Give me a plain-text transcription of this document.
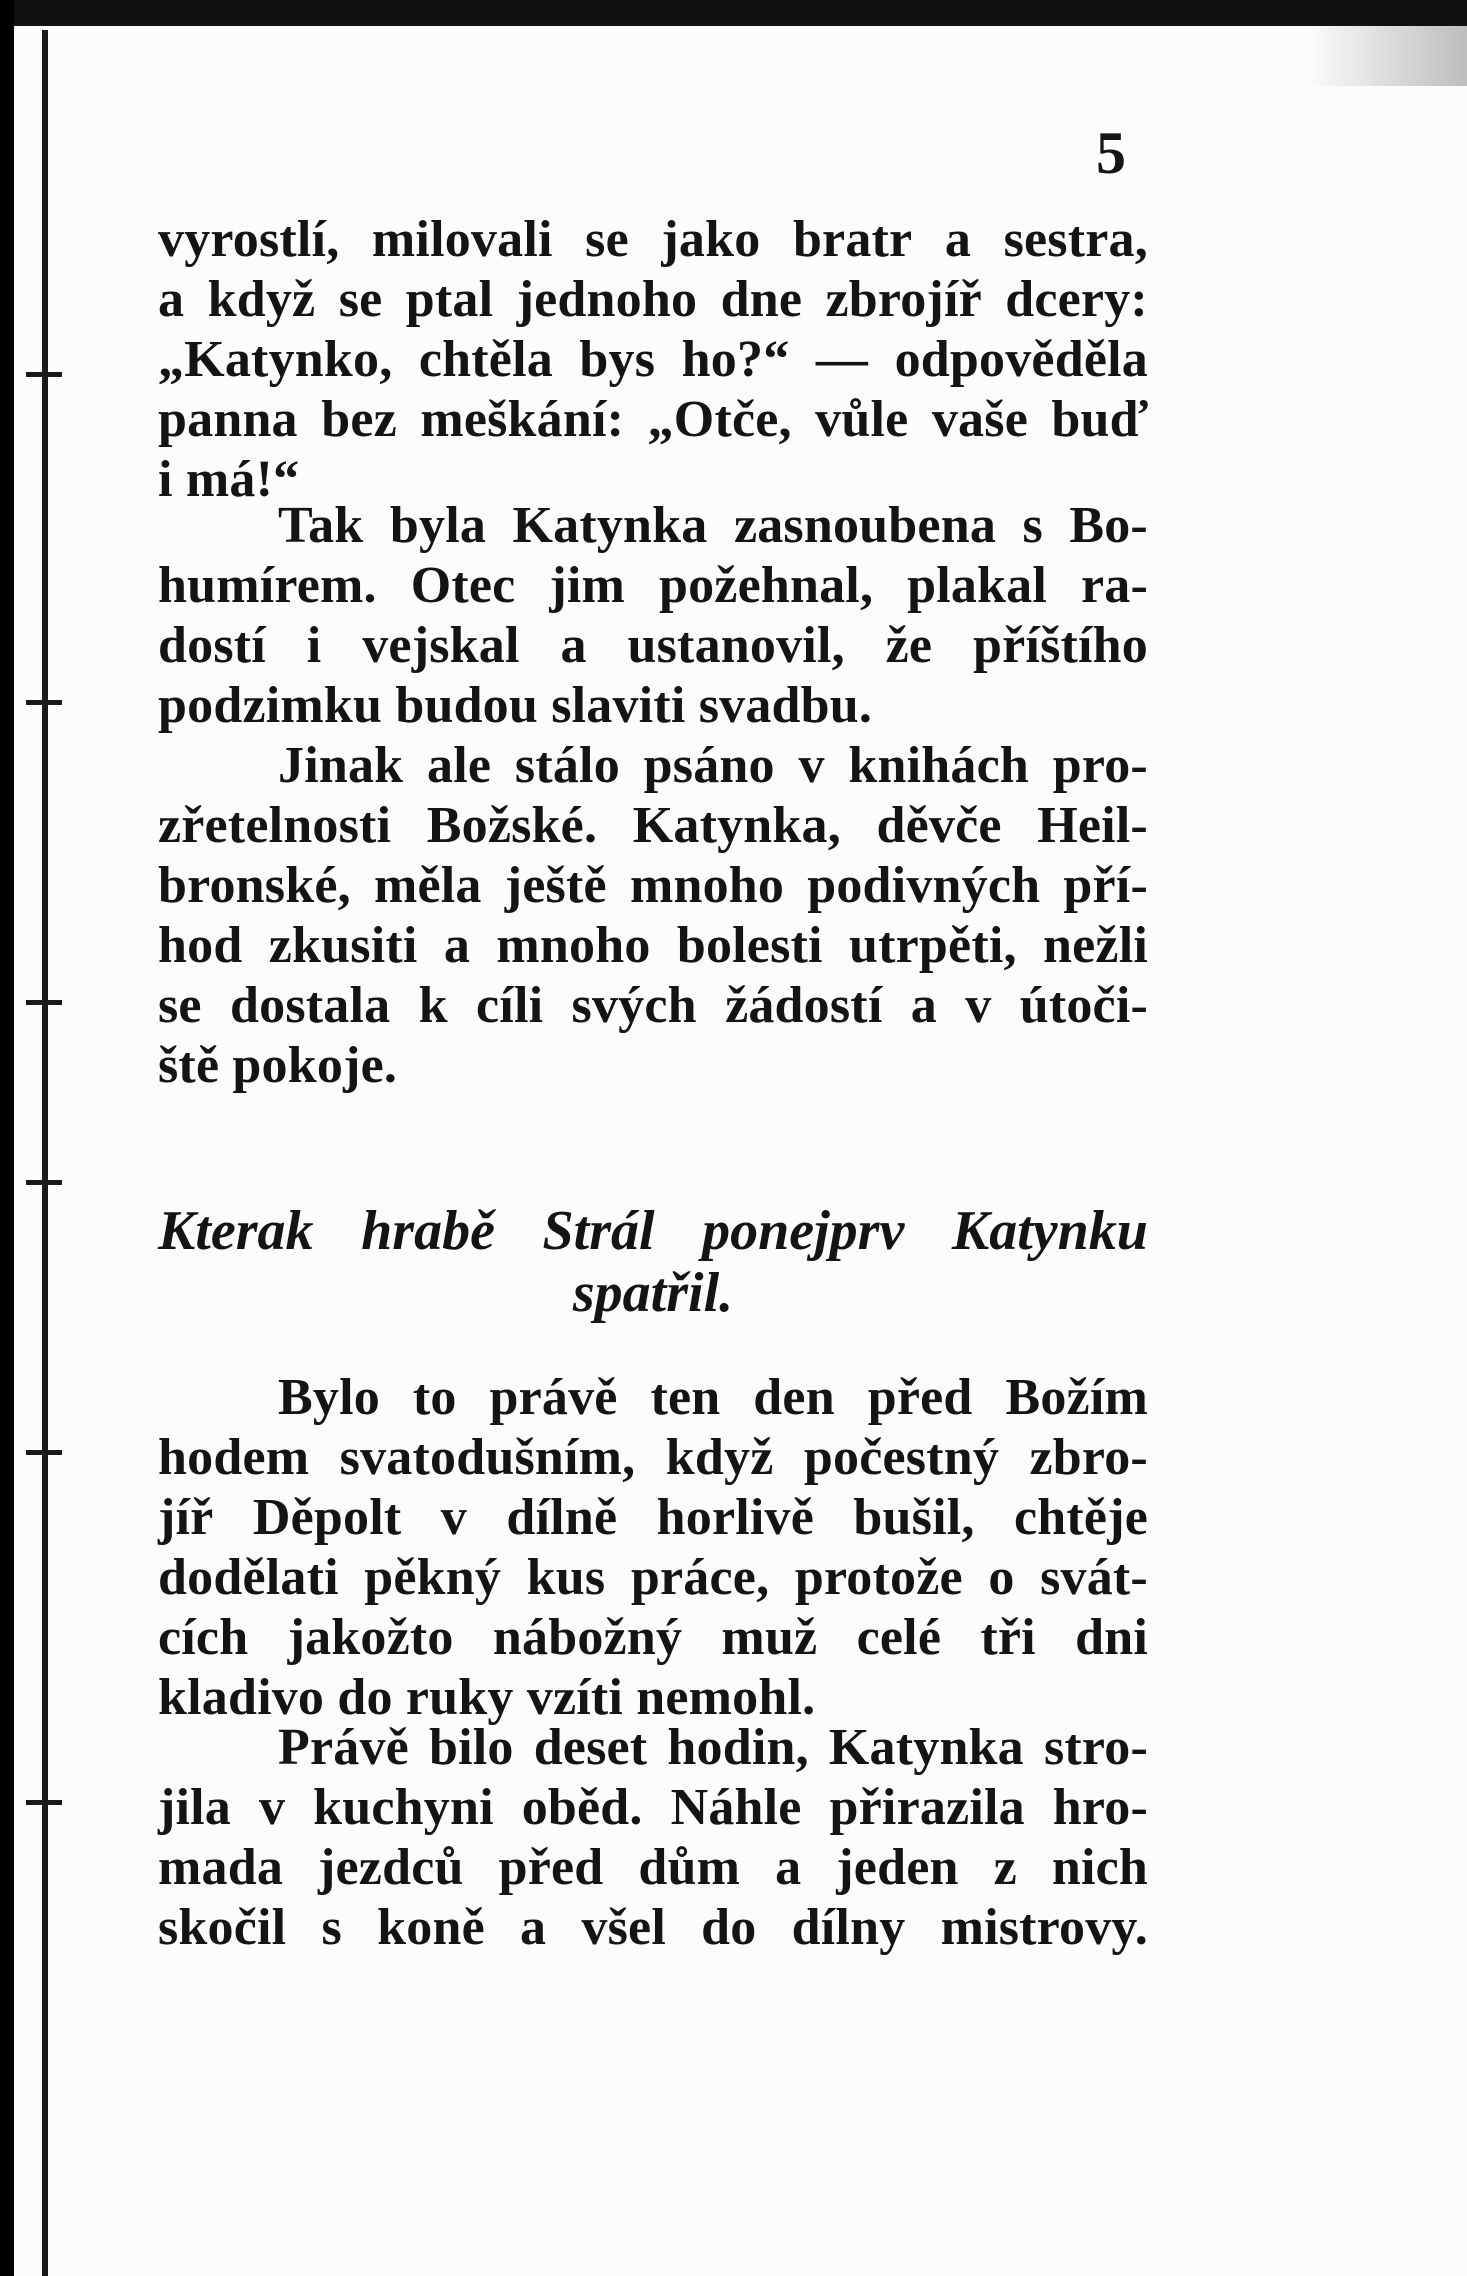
5
vyrostlí, milovali se jako bratr a sestra,
a když se ptal jednoho dne zbrojíř dcery:
„Katynko, chtěla bys ho?“ — odpověděla
panna bez meškání: „Otče, vůle vaše buď
i má!“
Tak byla Katynka zasnoubena s Bo-
humírem. Otec jim požehnal, plakal ra-
dostí i vejskal a ustanovil, že příštího
podzimku budou slaviti svadbu.
Jinak ale stálo psáno v knihách pro-
zřetelnosti Božské. Katynka, děvče Heil-
bronské, měla ještě mnoho podivných pří-
hod zkusiti a mnoho bolesti utrpěti, nežli
se dostala k cíli svých žádostí a v útoči-
ště pokoje.
Kterak hrabě Strál ponejprv Katynku
spatřil.
Bylo to právě ten den před Božím
hodem svatodušním, když počestný zbro-
jíř Děpolt v dílně horlivě bušil, chtěje
dodělati pěkný kus práce, protože o svát-
cích jakožto nábožný muž celé tři dni
kladivo do ruky vzíti nemohl.
Právě bilo deset hodin, Katynka stro-
jila v kuchyni oběd. Náhle přirazila hro-
mada jezdců před dům a jeden z nich
skočil s koně a všel do dílny mistrovy.
